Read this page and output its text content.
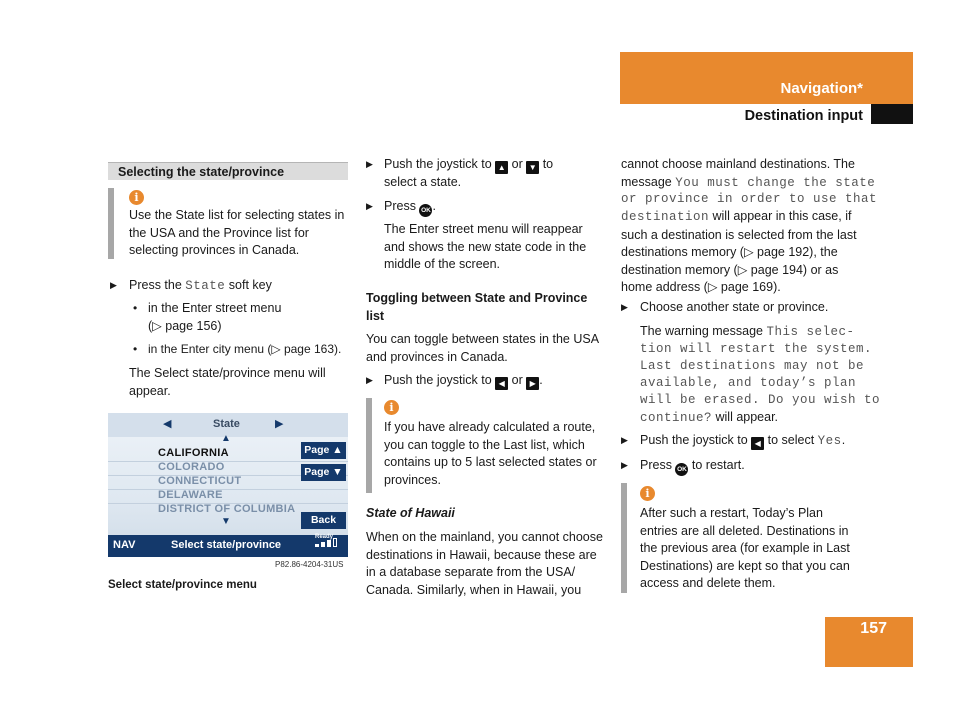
Navigation*
Destination input
Selecting the state/province
i
Use the State list for selecting states in the USA and the Province list for selecting provinces in Canada.
▶ Press the State soft key
• in the Enter street menu
(▷ page 156)
• in the Enter city menu (▷ page 163).
The Select state/province menu will appear.
◀	State	▶
▲
CALIFORNIA
COLORADO
CONNECTICUT
DELAWARE
DISTRICT OF COLUMBIA
▼
Page ▲
Page ▼
Back
NAV	Select state/province
Ready
P82.86-4204-31US
Select state/province menu
▶ Push the joystick to ▲ or ▼ to
select a state.
▶ Press OK .
The Enter street menu will reappear and shows the new state code in the middle of the screen.
Toggling between State and Province list
You can toggle between states in the USA and provinces in Canada.
▶ Push the joystick to ◀ or ▶ .
i
If you have already calculated a route, you can toggle to the Last list, which contains up to 5 last selected states or provinces.
State of Hawaii
When on the mainland, you cannot choose destinations in Hawaii, because these are in a database separate from the USA/ Canada. Similarly, when in Hawaii, you
cannot choose mainland destinations. The
message You must change the state
or province in order to use that
destination will appear in this case, if such a destination is selected from the last destinations memory (▷ page 192), the destination memory (▷ page 194) or as home address (▷ page 169).
▶ Choose another state or province.
The warning message This selec-
tion will restart the system.
Last destinations may not be
available, and today’s plan
will be erased. Do you wish to
continue? will appear.
▶ Push the joystick to ◀ to select Yes.
▶ Press OK to restart.
i
After such a restart, Today’s Plan entries are all deleted. Destinations in the previous area (for example in Last Destinations) are kept so that you can access and delete them.
157
